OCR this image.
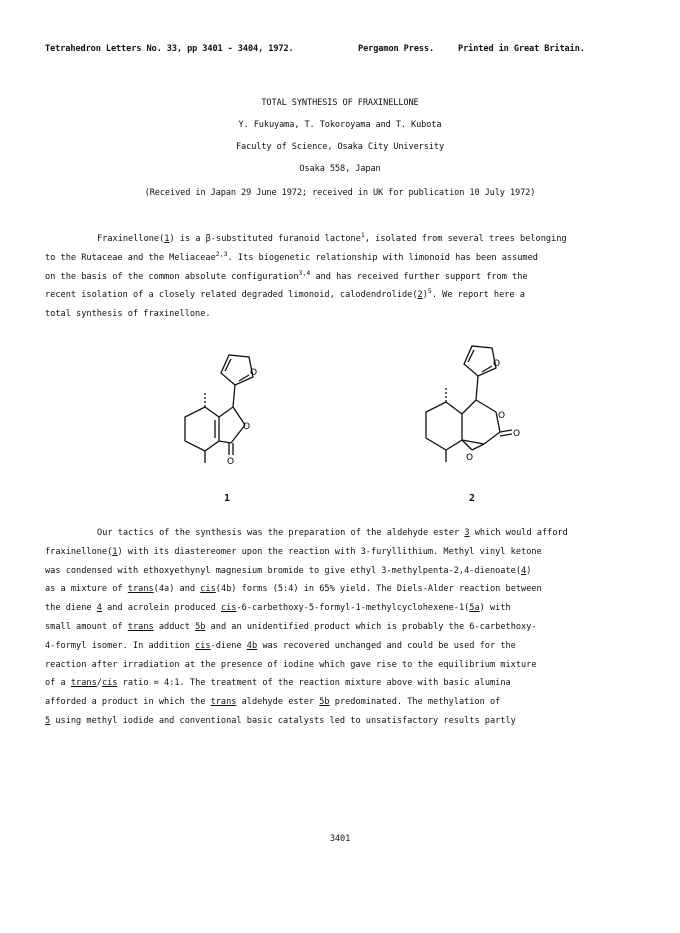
Tetrahedron Letters No. 33, pp 3401 - 3404, 1972.	Pergamon Press.	Printed in Great Britain.
TOTAL SYNTHESIS OF FRAXINELLONE
Y. Fukuyama, T. Tokoroyama and T. Kubota
Faculty of Science, Osaka City University
Osaka 558, Japan
(Received in Japan 29 June 1972; received in UK for publication 10 July 1972)

Fraxinellone(1) is a β-substituted furanoid lactone$^1$, isolated from several trees belonging

to the Rutaceae and the Meliaceae$^{2,3}$. Its biogenetic relationship with limonoid has been assumed

on the basis of the common absolute configuration$^{3,4}$ and has received further support from the

recent isolation of a closely related degraded limonoid, $calodendrolide(2)^5$. We report here a

total synthesis of fraxinellone.

O
O
O
O
O
O
O
1	2

Our tactics of the synthesis was the preparation of the aldehyde ester 3 which would afford

fraxinellone(1) with its diastereomer upon the reaction with 3-furyllithium. Methyl vinyl ketone

was condensed with ethoxyethynyl magnesium bromide to give ethyl 3-methylpenta-2,4-dienoate(4)

as a mixture of trans(4a) and cis(4b) forms (5:4) in 65% yield. The Diels-Alder reaction between

the diene 4 and acrolein produced cis-6-carbethoxy-5-formyl-1-methylcyclohexene-1(5a) with

small amount of trans adduct 5b and an unidentified product which is probably the 6-carbethoxy-

4-formyl isomer. In addition cis-diene 4b was recovered unchanged and could be used for the

reaction after irradiation at the presence of iodine which gave rise to the equilibrium mixture

of a trans/cis ratio = 4:1. The treatment of the reaction mixture above with basic alumina

afforded a product in which the trans aldehyde ester 5b predominated. The methylation of

5 using methyl iodide and conventional basic catalysts led to unsatisfactory results partly

3401
